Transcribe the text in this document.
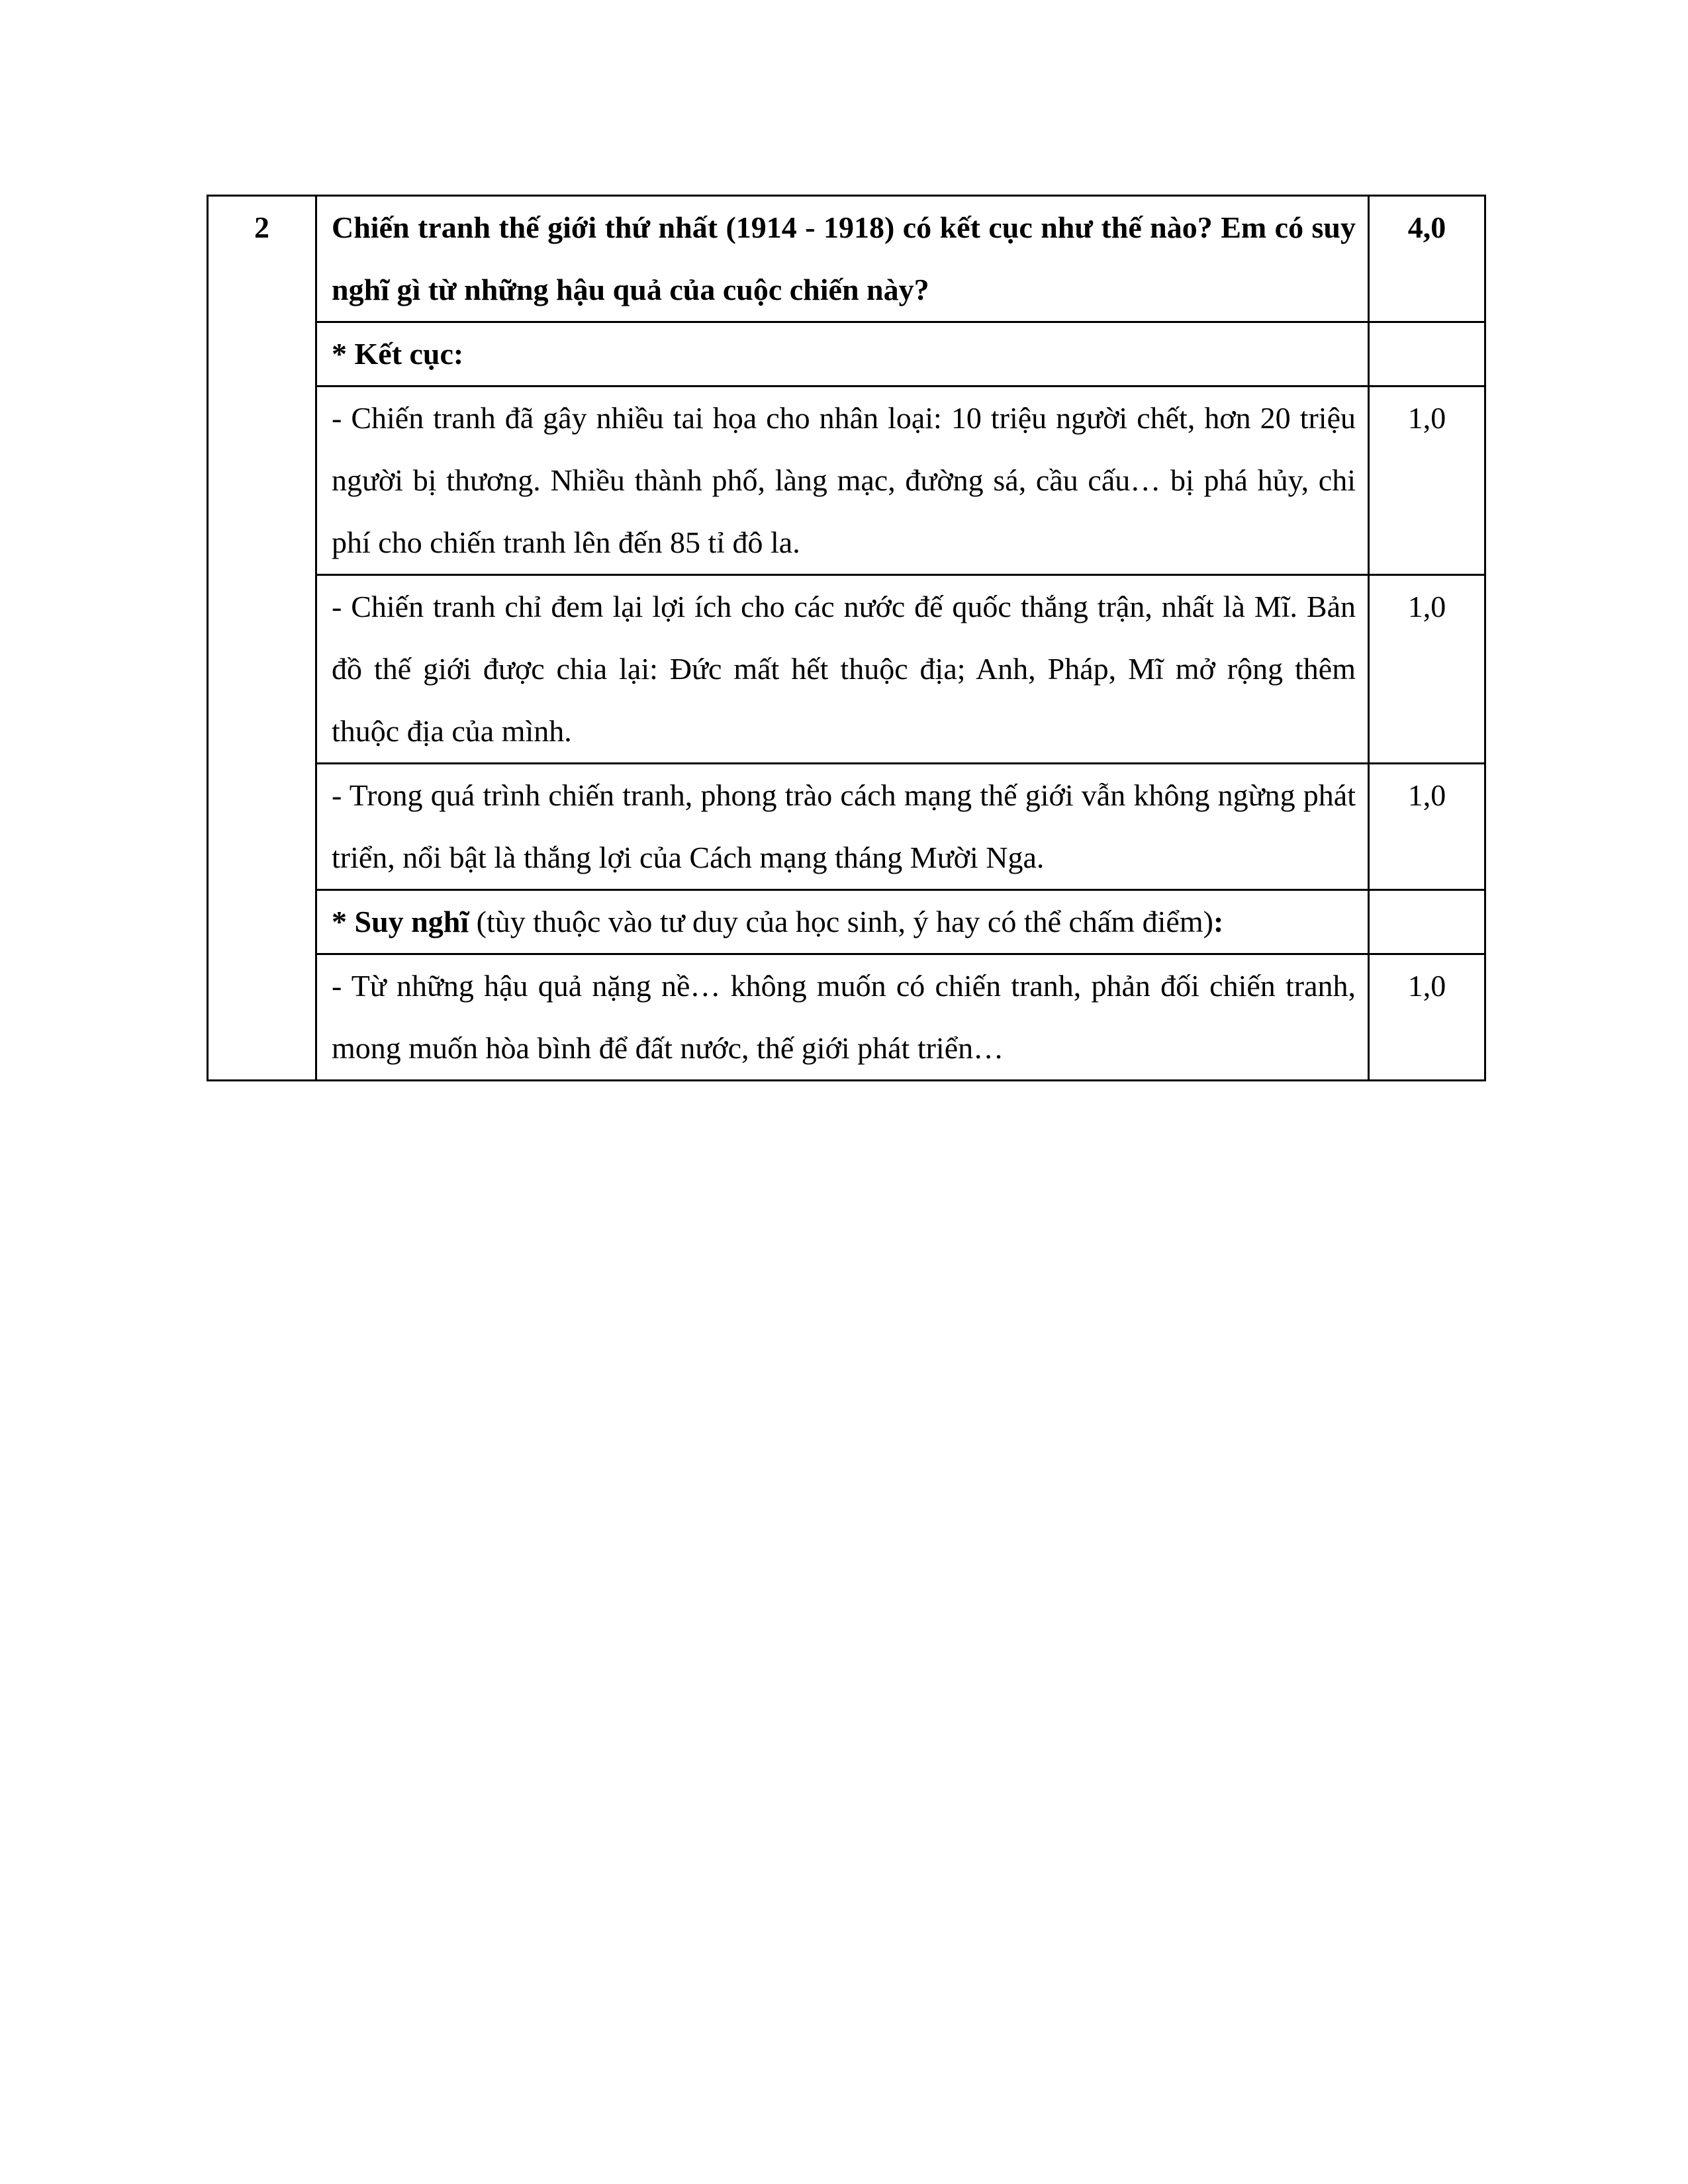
2	Chiến tranh thế giới thứ nhất (1914 - 1918) có kết cục như thế nào? Em có suy nghĩ gì từ những hậu quả của cuộc chiến này?	4,0
	* Kết cục:	
	- Chiến tranh đã gây nhiều tai họa cho nhân loại: 10 triệu người chết, hơn 20 triệu người bị thương. Nhiều thành phố, làng mạc, đường sá, cầu cấu… bị phá hủy, chi phí cho chiến tranh lên đến 85 tỉ đô la.	1,0
	- Chiến tranh chỉ đem lại lợi ích cho các nước đế quốc thắng trận, nhất là Mĩ. Bản đồ thế giới được chia lại: Đức mất hết thuộc địa; Anh, Pháp, Mĩ mở rộng thêm thuộc địa của mình.	1,0
	- Trong quá trình chiến tranh, phong trào cách mạng thế giới vẫn không ngừng phát triển, nổi bật là thắng lợi của Cách mạng tháng Mười Nga.	1,0
	* Suy nghĩ (tùy thuộc vào tư duy của học sinh, ý hay có thể chấm điểm):	
	- Từ những hậu quả nặng nề… không muốn có chiến tranh, phản đối chiến tranh, mong muốn hòa bình để đất nước, thế giới phát triển…	1,0
